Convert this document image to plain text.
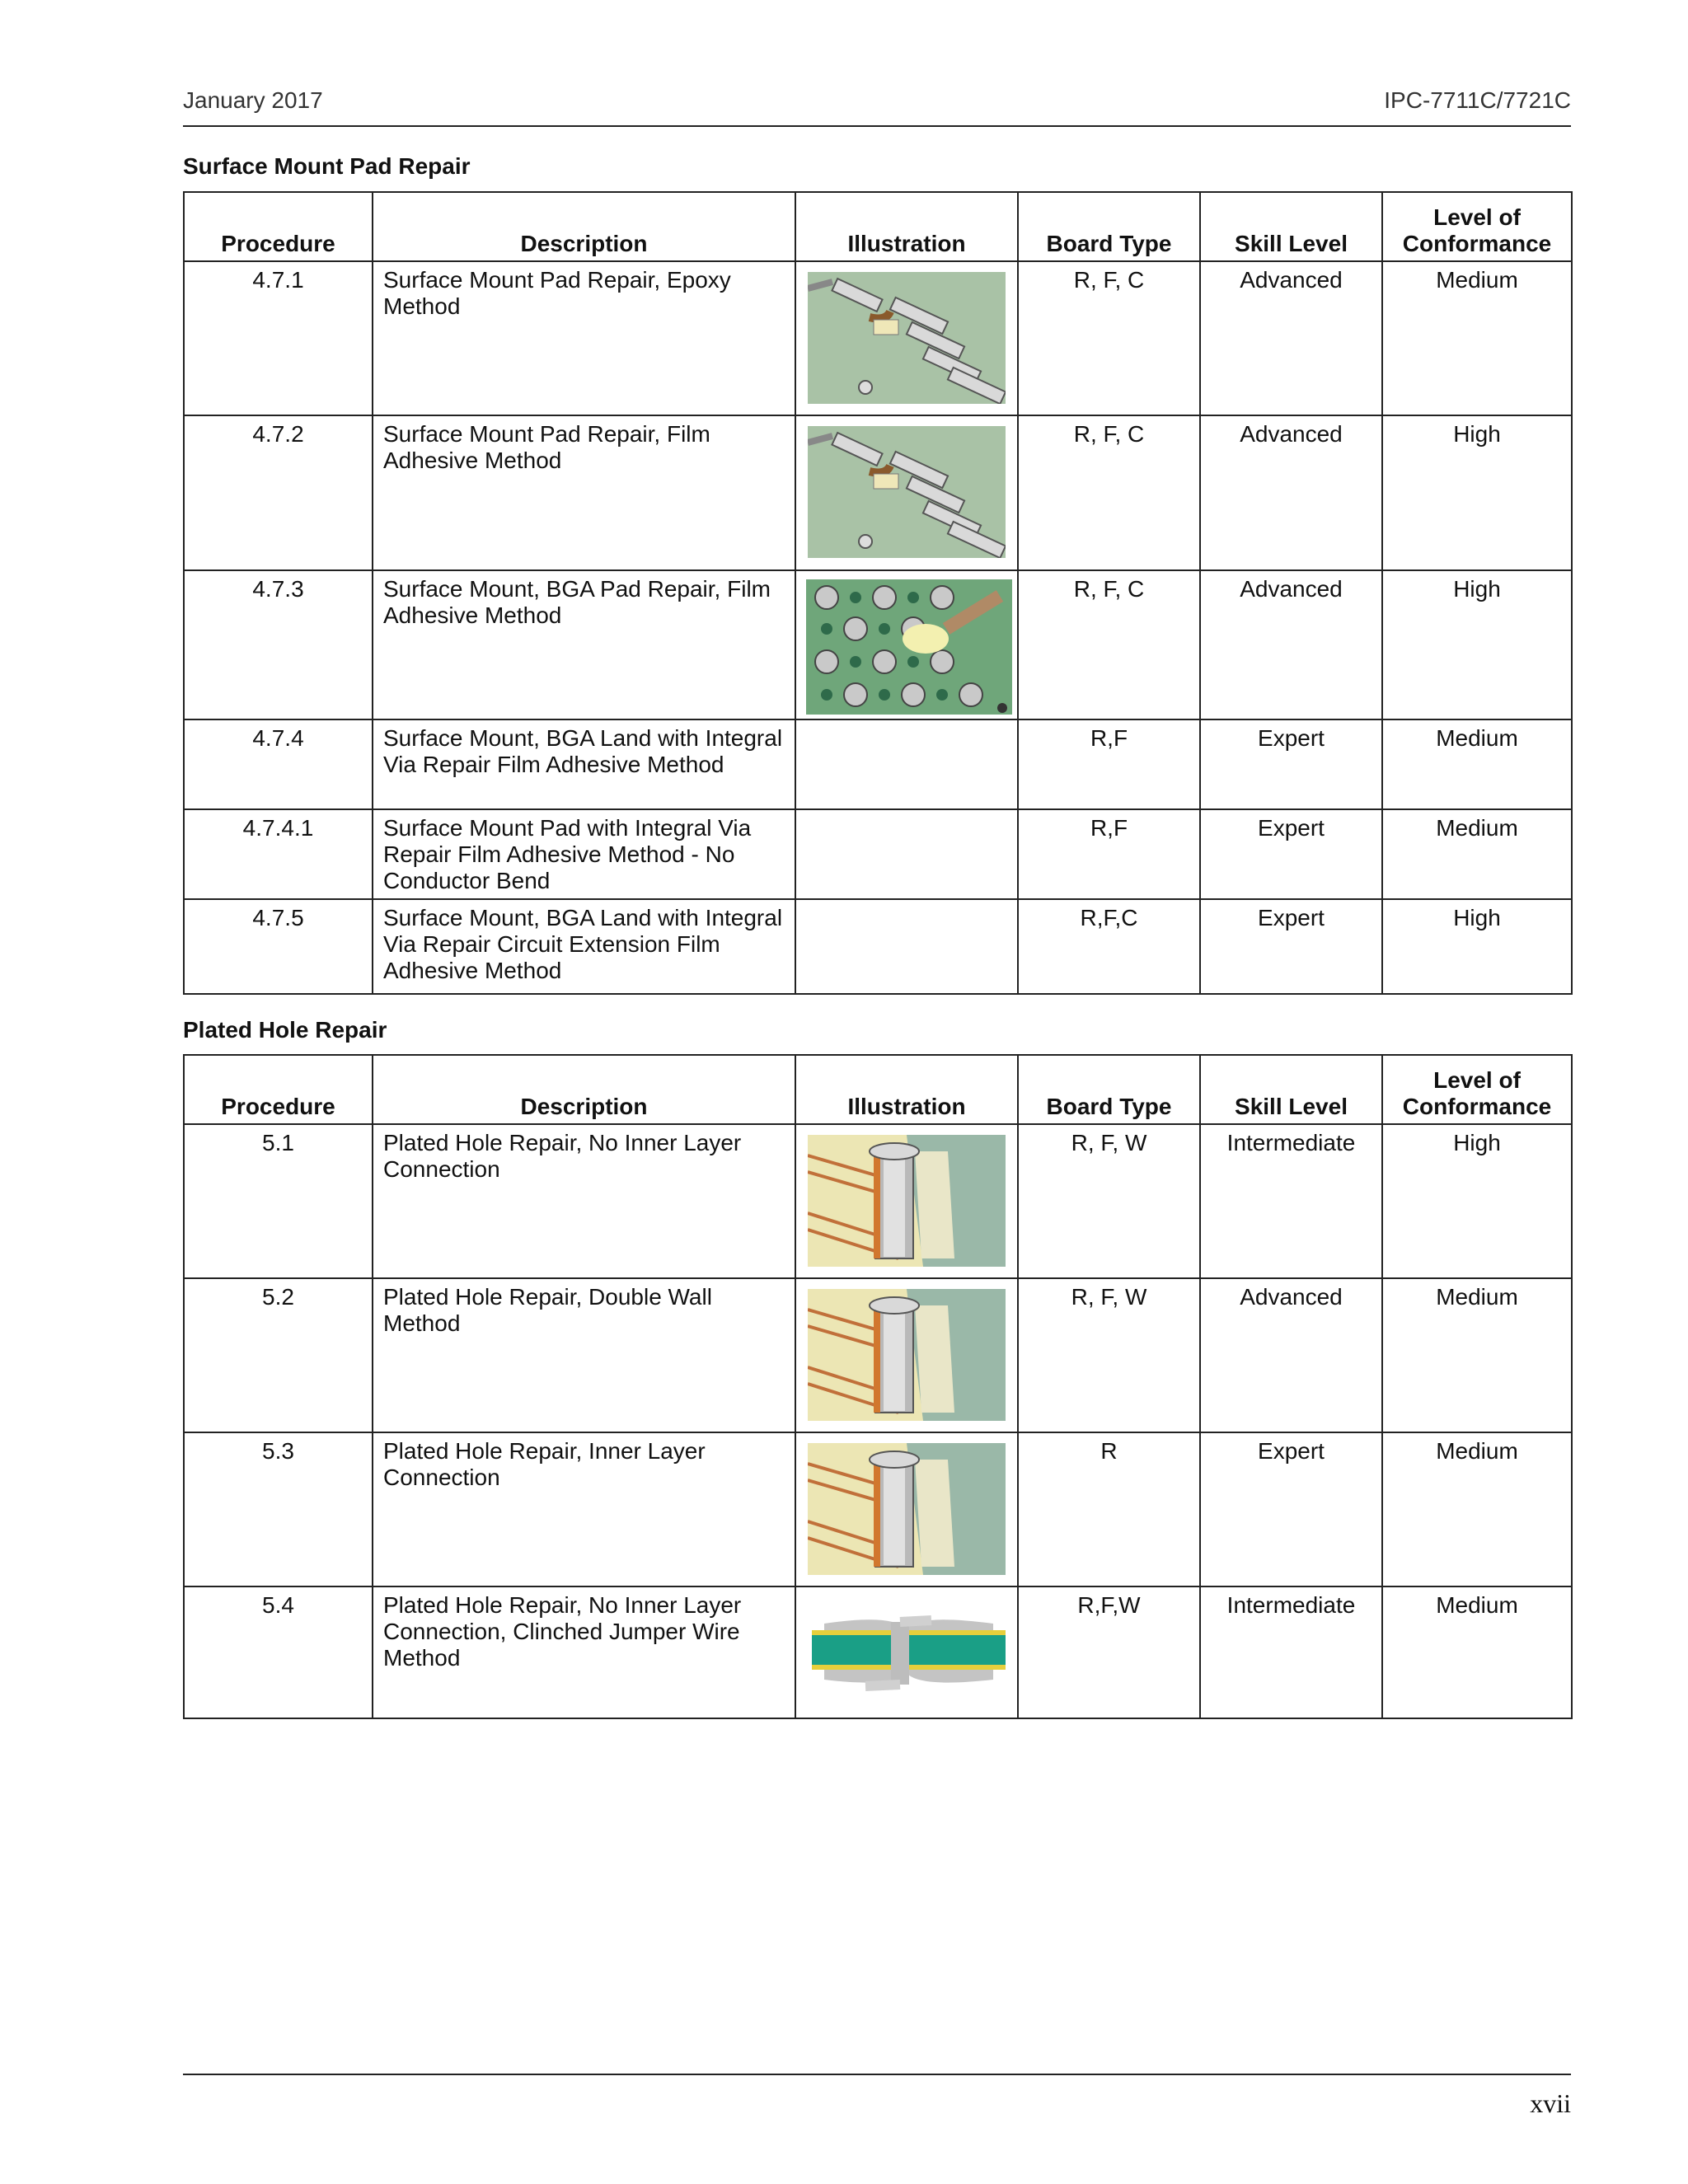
January 2017	IPC-7711C/7721C
Surface Mount Pad Repair
Procedure	Description	Illustration	Board Type	Skill Level	Level of Conformance
4.7.1	Surface Mount Pad Repair, Epoxy Method		R, F, C	Advanced	Medium
4.7.2	Surface Mount Pad Repair, Film Adhesive Method		R, F, C	Advanced	High
4.7.3	Surface Mount, BGA Pad Repair, Film Adhesive Method		R, F, C	Advanced	High
4.7.4	Surface Mount, BGA Land with Integral Via Repair Film Adhesive Method		R,F	Expert	Medium
4.7.4.1	Surface Mount Pad with Integral Via Repair Film Adhesive Method - No Conductor Bend		R,F	Expert	Medium
4.7.5	Surface Mount, BGA Land with Integral Via Repair Circuit Extension Film Adhesive Method		R,F,C	Expert	High
Plated Hole Repair
Procedure	Description	Illustration	Board Type	Skill Level	Level of Conformance
5.1	Plated Hole Repair, No Inner Layer Connection		R, F, W	Intermediate	High
5.2	Plated Hole Repair, Double Wall Method		R, F, W	Advanced	Medium
5.3	Plated Hole Repair, Inner Layer Connection		R	Expert	Medium
5.4	Plated Hole Repair, No Inner Layer Connection, Clinched Jumper Wire Method		R,F,W	Intermediate	Medium
xvii
